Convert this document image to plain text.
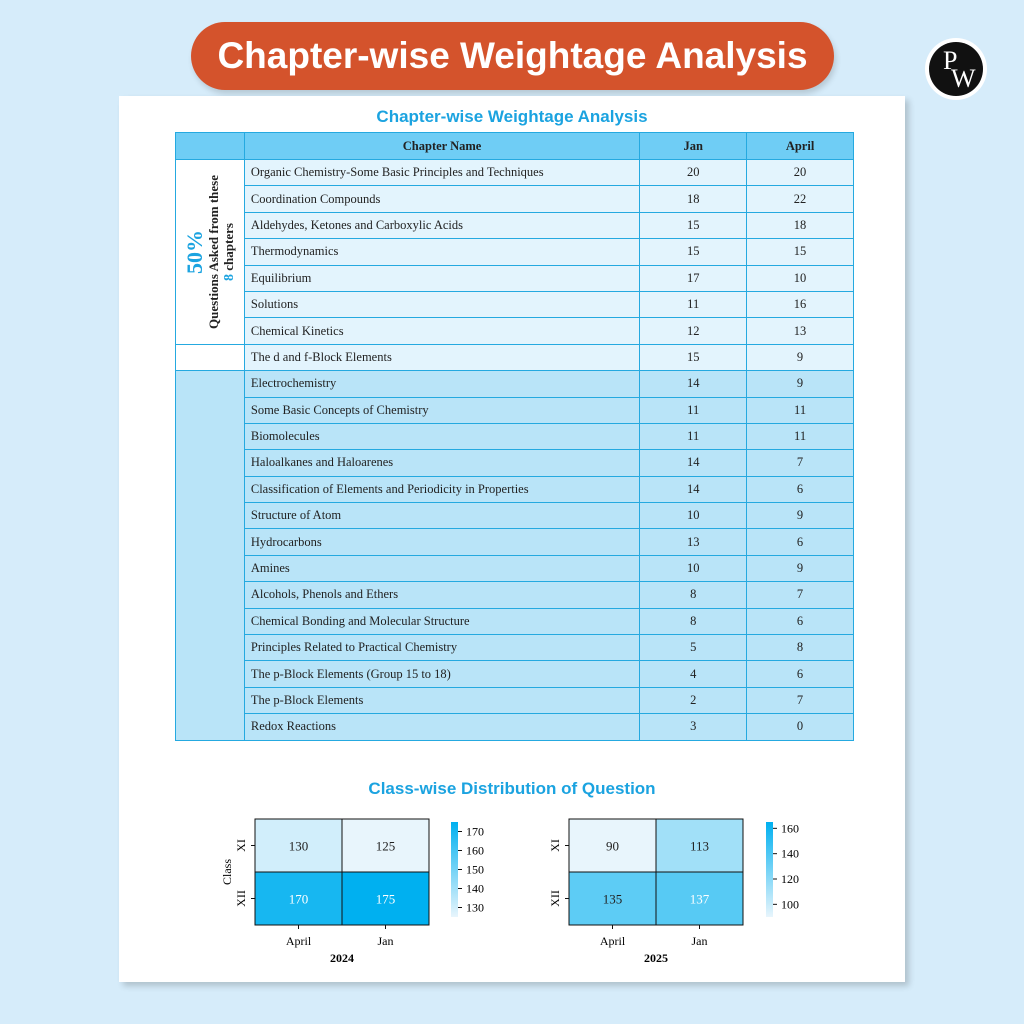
Chapter-wise Weightage Analysis	P
W
Chapter-wise Weightage Analysis
	Chapter Name	Jan	April

50% Questions Asked from these 8 chapters	Organic Chemistry-Some Basic Principles and Techniques	20	20
	Coordination Compounds	18	22
	Aldehydes, Ketones and Carboxylic Acids	15	18
	Thermodynamics	15	15
	Equilibrium	17	10
	Solutions	11	16
	Chemical Kinetics	12	13
	The d and f-Block Elements	15	9
	Electrochemistry	14	9
	Some Basic Concepts of Chemistry	11	11
	Biomolecules	11	11
	Haloalkanes and Haloarenes	14	7
	Classification of Elements and Periodicity in Properties	14	6
	Structure of Atom	10	9
	Hydrocarbons	13	6
	Amines	10	9
	Alcohols, Phenols and Ethers	8	7
	Chemical Bonding and Molecular Structure	8	6
	Principles Related to Practical Chemistry	5	8
	The p-Block Elements (Group 15 to 18)	4	6
	The p-Block Elements	2	7
	Redox Reactions	3	0
Class-wise Distribution of Question
130	125
170	175
XI
XII
April	Jan
2024
Class
130
140
150
160
170
90	113
135	137
XI
XII
April	Jan
2025
100
120
140
160
